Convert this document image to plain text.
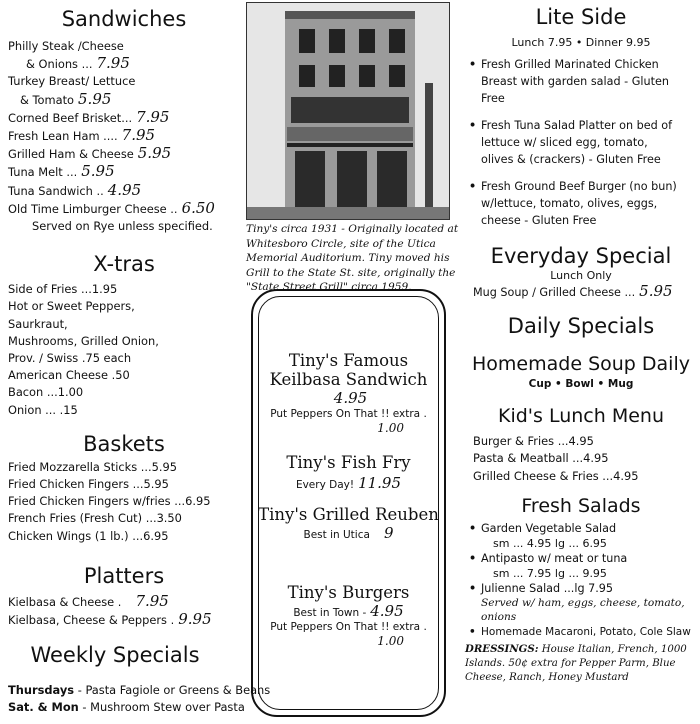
Sandwiches
Philly Steak /Cheese
& Onions ... 7.95
Turkey Breast/ Lettuce
& Tomato 5.95
Corned Beef Brisket... 7.95
Fresh Lean Ham .... 7.95
Grilled Ham & Cheese 5.95
Tuna Melt ... 5.95
Tuna Sandwich .. 4.95
Old Time Limburger Cheese .. 6.50
Served on Rye unless specified.
X-tras
Side of Fries ...1.95
Hot or Sweet Peppers,
Saurkraut,
Mushrooms, Grilled Onion,
Prov. / Swiss .75 each
American Cheese .50
Bacon ...1.00
Onion ... .15
Baskets
Fried Mozzarella Sticks ...5.95
Fried Chicken Fingers ...5.95
Fried Chicken Fingers w/fries ...6.95
French Fries (Fresh Cut) ...3.50
Chicken Wings (1 lb.) ...6.95
Platters
Kielbasa & Cheese . 7.95
Kielbasa, Cheese & Peppers . 9.95
Weekly Specials
Thursdays - Pasta Fagiole or Greens & Beans
Sat. & Mon - Mushroom Stew over Pasta
Tiny's circa 1931 - Originally located at Whitesboro Circle, site of the Utica Memorial Auditorium. Tiny moved his Grill to the State St. site, originally the "State Street Grill" circa 1959.
Tiny's Famous Keilbasa Sandwich
4.95
Put Peppers On That !! extra .
1.00
Tiny's Fish Fry
Every Day! 11.95
Tiny's Grilled Reuben
Best in Utica 9
Tiny's Burgers
Best in Town - 4.95
Put Peppers On That !! extra .
1.00
Lite Side
Lunch 7.95 • Dinner 9.95
• Fresh Grilled Marinated Chicken Breast with garden salad - Gluten Free
• Fresh Tuna Salad Platter on bed of lettuce w/ sliced egg, tomato, olives & (crackers) - Gluten Free
• Fresh Ground Beef Burger (no bun) w/lettuce, tomato, olives, eggs, cheese - Gluten Free
Everyday Special
Lunch Only
Mug Soup / Grilled Cheese ... 5.95
Daily Specials
Homemade Soup Daily
Cup • Bowl • Mug
Kid's Lunch Menu
Burger & Fries ...4.95
Pasta & Meatball ...4.95
Grilled Cheese & Fries ...4.95
Fresh Salads
• Garden Vegetable Salad
sm ... 4.95 lg ... 6.95
• Antipasto w/ meat or tuna
sm ... 7.95 lg ... 9.95
• Julienne Salad ...lg 7.95
Served w/ ham, eggs, cheese, tomato, onions
• Homemade Macaroni, Potato, Cole Slaw
DRESSINGS: House Italian, French, 1000 Islands. 50¢ extra for Pepper Parm, Blue Cheese, Ranch, Honey Mustard
